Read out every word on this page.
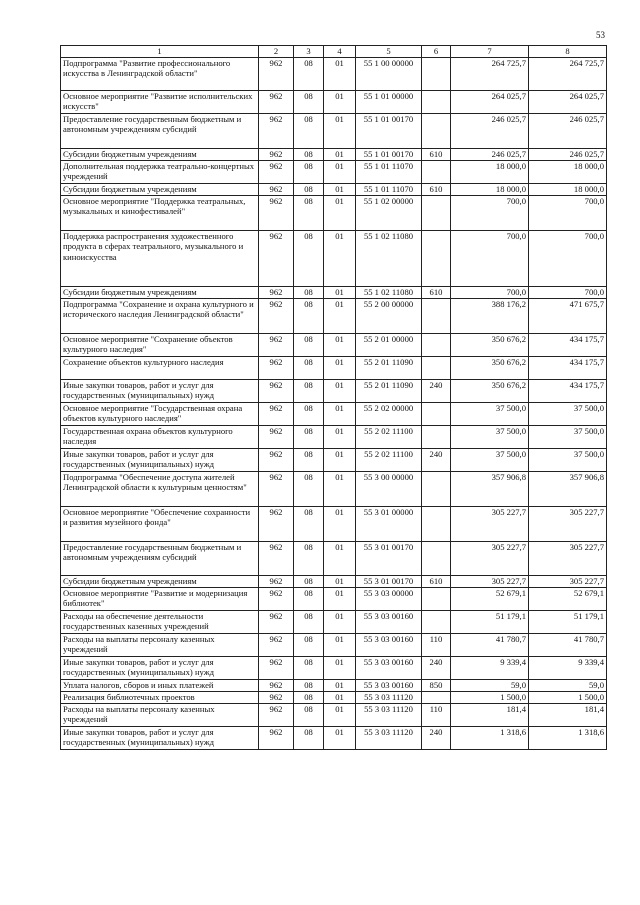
53
1	2	3	4	5	6	7	8
Подпрограмма "Развитие профессионального искусства в Ленинградской области"	962	08	01	55 1 00 00000		264 725,7	264 725,7
Основное мероприятие "Развитие исполнительских искусств"	962	08	01	55 1 01 00000		264 025,7	264 025,7
Предоставление государственным бюджетным и автономным учреждениям субсидий	962	08	01	55 1 01 00170		246 025,7	246 025,7
Субсидии бюджетным учреждениям	962	08	01	55 1 01 00170	610	246 025,7	246 025,7
Дополнительная поддержка театрально-концертных учреждений	962	08	01	55 1 01 11070		18 000,0	18 000,0
Субсидии бюджетным учреждениям	962	08	01	55 1 01 11070	610	18 000,0	18 000,0
Основное мероприятие "Поддержка театральных, музыкальных и кинофестивалей"	962	08	01	55 1 02 00000		700,0	700,0
Поддержка распространения художественного продукта в сферах театрального, музыкального и киноискусства	962	08	01	55 1 02 11080		700,0	700,0
Субсидии бюджетным учреждениям	962	08	01	55 1 02 11080	610	700,0	700,0
Подпрограмма "Сохранение и охрана культурного и исторического наследия Ленинградской области"	962	08	01	55 2 00 00000		388 176,2	471 675,7
Основное мероприятие "Сохранение объектов культурного наследия"	962	08	01	55 2 01 00000		350 676,2	434 175,7
Сохранение объектов культурного наследия	962	08	01	55 2 01 11090		350 676,2	434 175,7
Иные закупки товаров, работ и услуг для государственных (муниципальных) нужд	962	08	01	55 2 01 11090	240	350 676,2	434 175,7
Основное мероприятие "Государственная охрана объектов культурного наследия"	962	08	01	55 2 02 00000		37 500,0	37 500,0
Государственная охрана объектов культурного наследия	962	08	01	55 2 02 11100		37 500,0	37 500,0
Иные закупки товаров, работ и услуг для государственных (муниципальных) нужд	962	08	01	55 2 02 11100	240	37 500,0	37 500,0
Подпрограмма "Обеспечение доступа жителей Ленинградской области к культурным ценностям"	962	08	01	55 3 00 00000		357 906,8	357 906,8
Основное мероприятие "Обеспечение сохранности и развития музейного фонда"	962	08	01	55 3 01 00000		305 227,7	305 227,7
Предоставление государственным бюджетным и автономным учреждениям субсидий	962	08	01	55 3 01 00170		305 227,7	305 227,7
Субсидии бюджетным учреждениям	962	08	01	55 3 01 00170	610	305 227,7	305 227,7
Основное мероприятие "Развитие и модернизация библиотек"	962	08	01	55 3 03 00000		52 679,1	52 679,1
Расходы на обеспечение деятельности государственных казенных учреждений	962	08	01	55 3 03 00160		51 179,1	51 179,1
Расходы на выплаты персоналу казенных учреждений	962	08	01	55 3 03 00160	110	41 780,7	41 780,7
Иные закупки товаров, работ и услуг для государственных (муниципальных) нужд	962	08	01	55 3 03 00160	240	9 339,4	9 339,4
Уплата налогов, сборов и иных платежей	962	08	01	55 3 03 00160	850	59,0	59,0
Реализация библиотечных проектов	962	08	01	55 3 03 11120		1 500,0	1 500,0
Расходы на выплаты персоналу казенных учреждений	962	08	01	55 3 03 11120	110	181,4	181,4
Иные закупки товаров, работ и услуг для государственных (муниципальных) нужд	962	08	01	55 3 03 11120	240	1 318,6	1 318,6
